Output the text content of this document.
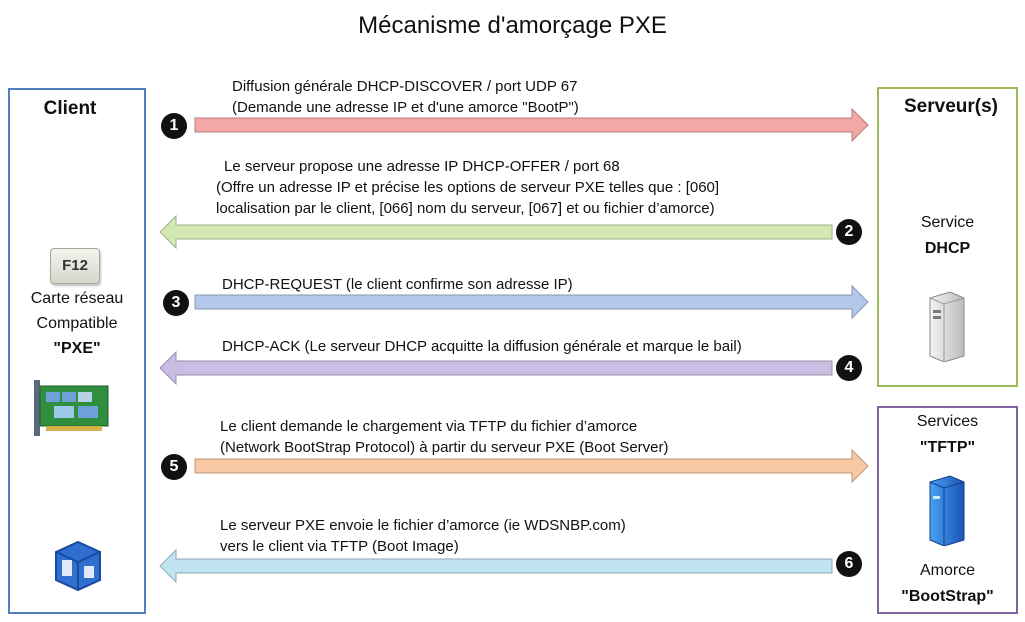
Mécanisme d'amorçage PXE
Client
F12
Carte réseau
Compatible
"PXE"
Serveur(s)
Service
DHCP
Services
"TFTP"
Amorce
"BootStrap"
Diffusion générale DHCP-DISCOVER / port UDP 67
(Demande une adresse IP et d'une amorce "BootP")
Le serveur propose une adresse IP DHCP-OFFER / port 68
(Offre un adresse IP et précise les options de serveur PXE telles que : [060]
localisation par le client, [066] nom du serveur, [067] et ou fichier d’amorce)
DHCP-REQUEST (le client confirme son adresse IP)
DHCP-ACK (Le serveur DHCP acquitte la diffusion générale et marque le bail)
Le client demande le chargement via TFTP du fichier d’amorce
(Network BootStrap Protocol) à partir du serveur PXE (Boot Server)
Le serveur PXE envoie le fichier d’amorce (ie WDSNBP.com)
vers le client via TFTP (Boot Image)
1
2
3
4
5
6
